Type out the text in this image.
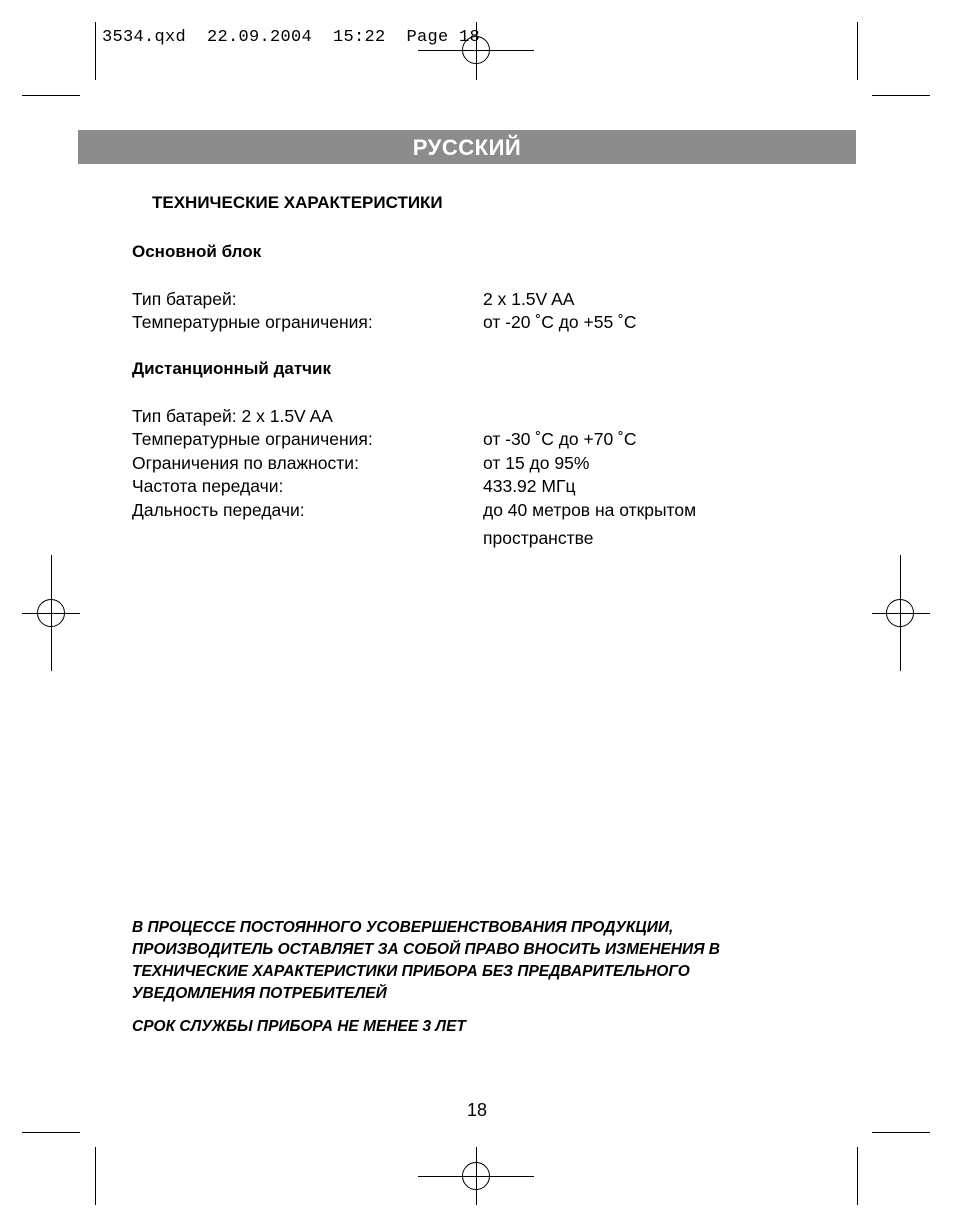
3534.qxd  22.09.2004  15:22  Page 18
РУССКИЙ
ТЕХНИЧЕСКИЕ ХАРАКТЕРИСТИКИ
Основной блок
Тип батарей:	2 х 1.5V AA
Температурные ограничения:	от -20 ˚С до +55 ˚С
Дистанционный датчик
Тип батарей: 2 х 1.5V AA
Температурные ограничения:	от -30 ˚С до +70 ˚С
Ограничения по влажности:	от 15 до 95%
Частота передачи:	433.92 МГц
Дальность передачи:	до 40 метров на открытом
пространстве
В ПРОЦЕССЕ ПОСТОЯННОГО УСОВЕРШЕНСТВОВАНИЯ ПРОДУКЦИИ,
ПРОИЗВОДИТЕЛЬ ОСТАВЛЯЕТ ЗА СОБОЙ ПРАВО ВНОСИТЬ ИЗМЕНЕНИЯ В
ТЕХНИЧЕСКИЕ ХАРАКТЕРИСТИКИ ПРИБОРА БЕЗ ПРЕДВАРИТЕЛЬНОГО
УВЕДОМЛЕНИЯ ПОТРЕБИТЕЛЕЙ
СРОК СЛУЖБЫ ПРИБОРА НЕ МЕНЕЕ 3 ЛЕТ
18
